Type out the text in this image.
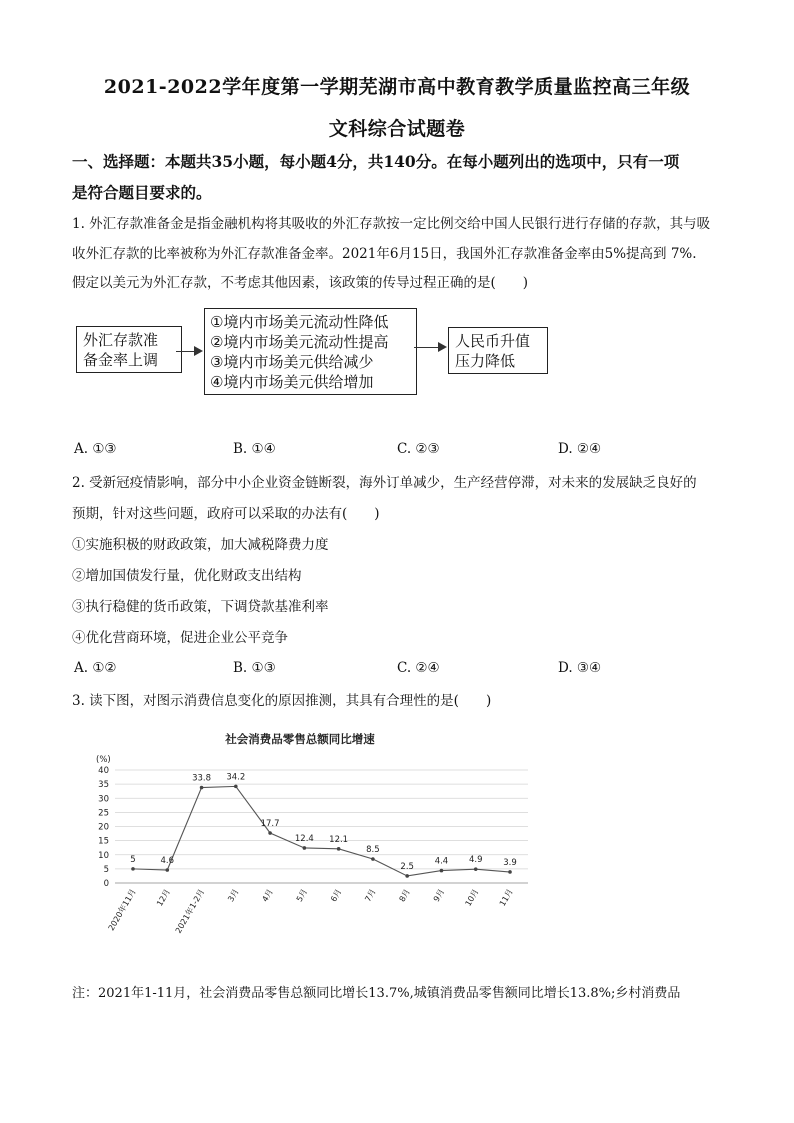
2021-2022学年度第一学期芜湖市高中教育教学质量监控高三年级
文科综合试题卷
一、选择题：本题共35小题，每小题4分，共140分。在每小题列出的选项中，只有一项
是符合题目要求的。
1. 外汇存款准备金是指金融机构将其吸收的外汇存款按一定比例交给中国人民银行进行存储的存款，其与吸
收外汇存款的比率被称为外汇存款准备金率。2021年6月15日，我国外汇存款准备金率由5%提高到 7%.
假定以美元为外汇存款，不考虑其他因素，该政策的传导过程正确的是(　　)
外汇存款准
备金率上调
①境内市场美元流动性降低
②境内市场美元流动性提高
③境内市场美元供给减少
④境内市场美元供给增加
人民币升值
压力降低
A. ①③	B. ①④	C. ②③	D. ②④
2. 受新冠疫情影响，部分中小企业资金链断裂，海外订单减少，生产经营停滞，对未来的发展缺乏良好的
预期，针对这些问题，政府可以采取的办法有(　　)
①实施积极的财政政策，加大减税降费力度
②增加国债发行量，优化财政支出结构
③执行稳健的货币政策，下调贷款基准利率
④优化营商环境，促进企业公平竞争
A. ①②	B. ①③	C. ②④	D. ③④
3. 读下图，对图示消费信息变化的原因推测，其具有合理性的是(　　)
社会消费品零售总额同比增速
(%)
0
5
10
15
20
25
30
35
40
2020年11月 12月 2021年1-2月 3月 4月 5月 6月 7月 8月 9月 10月 11月
5	4.6
33.8 34.2
17.7
12.4 12.1
8.5
2.5
4.4 4.9 3.9
注：2021年1-11月，社会消费品零售总额同比增长13.7%,城镇消费品零售额同比增长13.8%;乡村消费品
